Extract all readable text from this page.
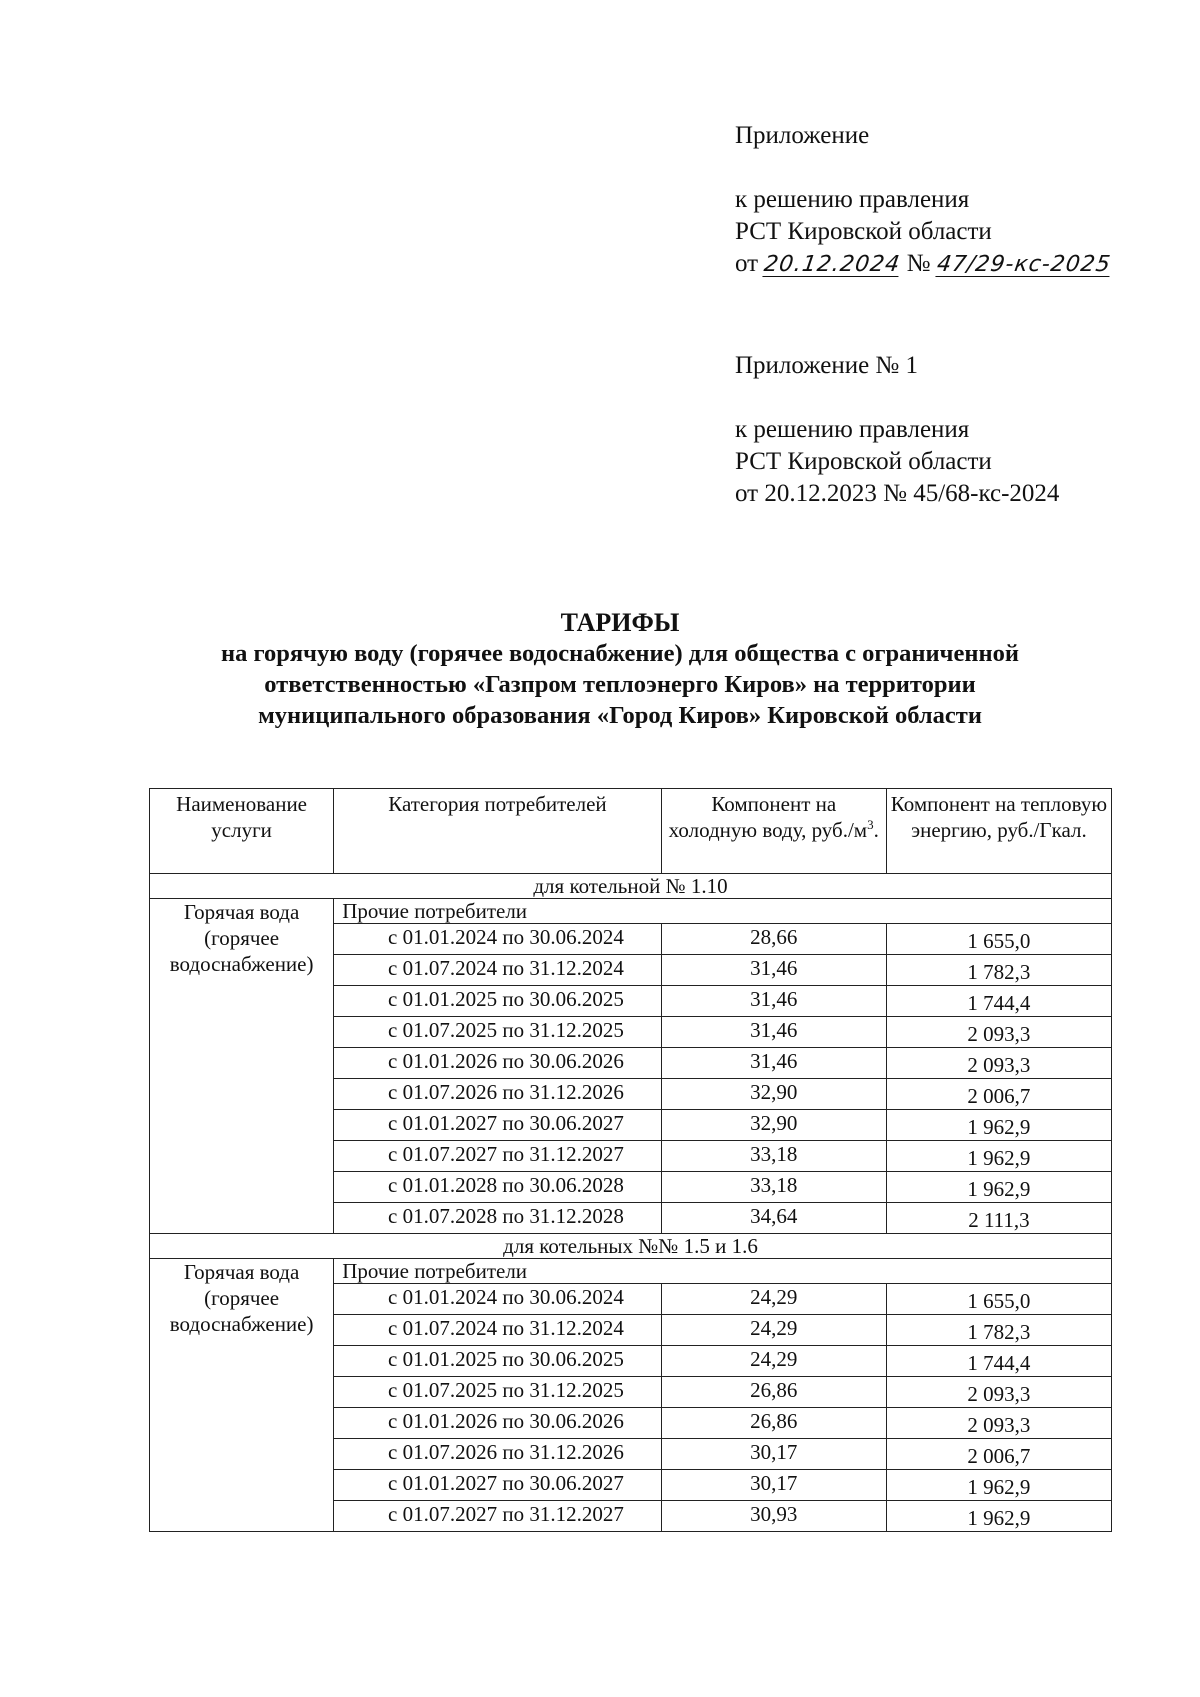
Приложение
к решению правления
РСТ Кировской области
от 20.12.2024 № 47/29-кс-2025
Приложение № 1
к решению правления
РСТ Кировской области
от 20.12.2023 № 45/68-кс-2024
ТАРИФЫ
на горячую воду (горячее водоснабжение) для общества с ограниченной
ответственностью «Газпром теплоэнерго Киров» на территории
муниципального образования «Город Киров» Кировской области
Наименование услуги	Категория потребителей	Компонент на холодную воду, $руб./м^3$.	Компонент на тепловую энергию, руб./Гкал.
для котельной № 1.10			

Горячая вода
(горячее
водоснабжение)	Прочие потребители		
	с 01.01.2024 по 30.06.2024	28,66	1 655,0
	с 01.07.2024 по 31.12.2024	31,46	1 782,3
	с 01.01.2025 по 30.06.2025	31,46	1 744,4
	с 01.07.2025 по 31.12.2025	31,46	2 093,3
	с 01.01.2026 по 30.06.2026	31,46	2 093,3
	с 01.07.2026 по 31.12.2026	32,90	2 006,7
	с 01.01.2027 по 30.06.2027	32,90	1 962,9
	с 01.07.2027 по 31.12.2027	33,18	1 962,9
	с 01.01.2028 по 30.06.2028	33,18	1 962,9
	с 01.07.2028 по 31.12.2028	34,64	2 111,3
для котельных №№ 1.5 и 1.6			

Горячая вода
(горячее
водоснабжение)	Прочие потребители		
	с 01.01.2024 по 30.06.2024	24,29	1 655,0
	с 01.07.2024 по 31.12.2024	24,29	1 782,3
	с 01.01.2025 по 30.06.2025	24,29	1 744,4
	с 01.07.2025 по 31.12.2025	26,86	2 093,3
	с 01.01.2026 по 30.06.2026	26,86	2 093,3
	с 01.07.2026 по 31.12.2026	30,17	2 006,7
	с 01.01.2027 по 30.06.2027	30,17	1 962,9
	с 01.07.2027 по 31.12.2027	30,93	1 962,9
